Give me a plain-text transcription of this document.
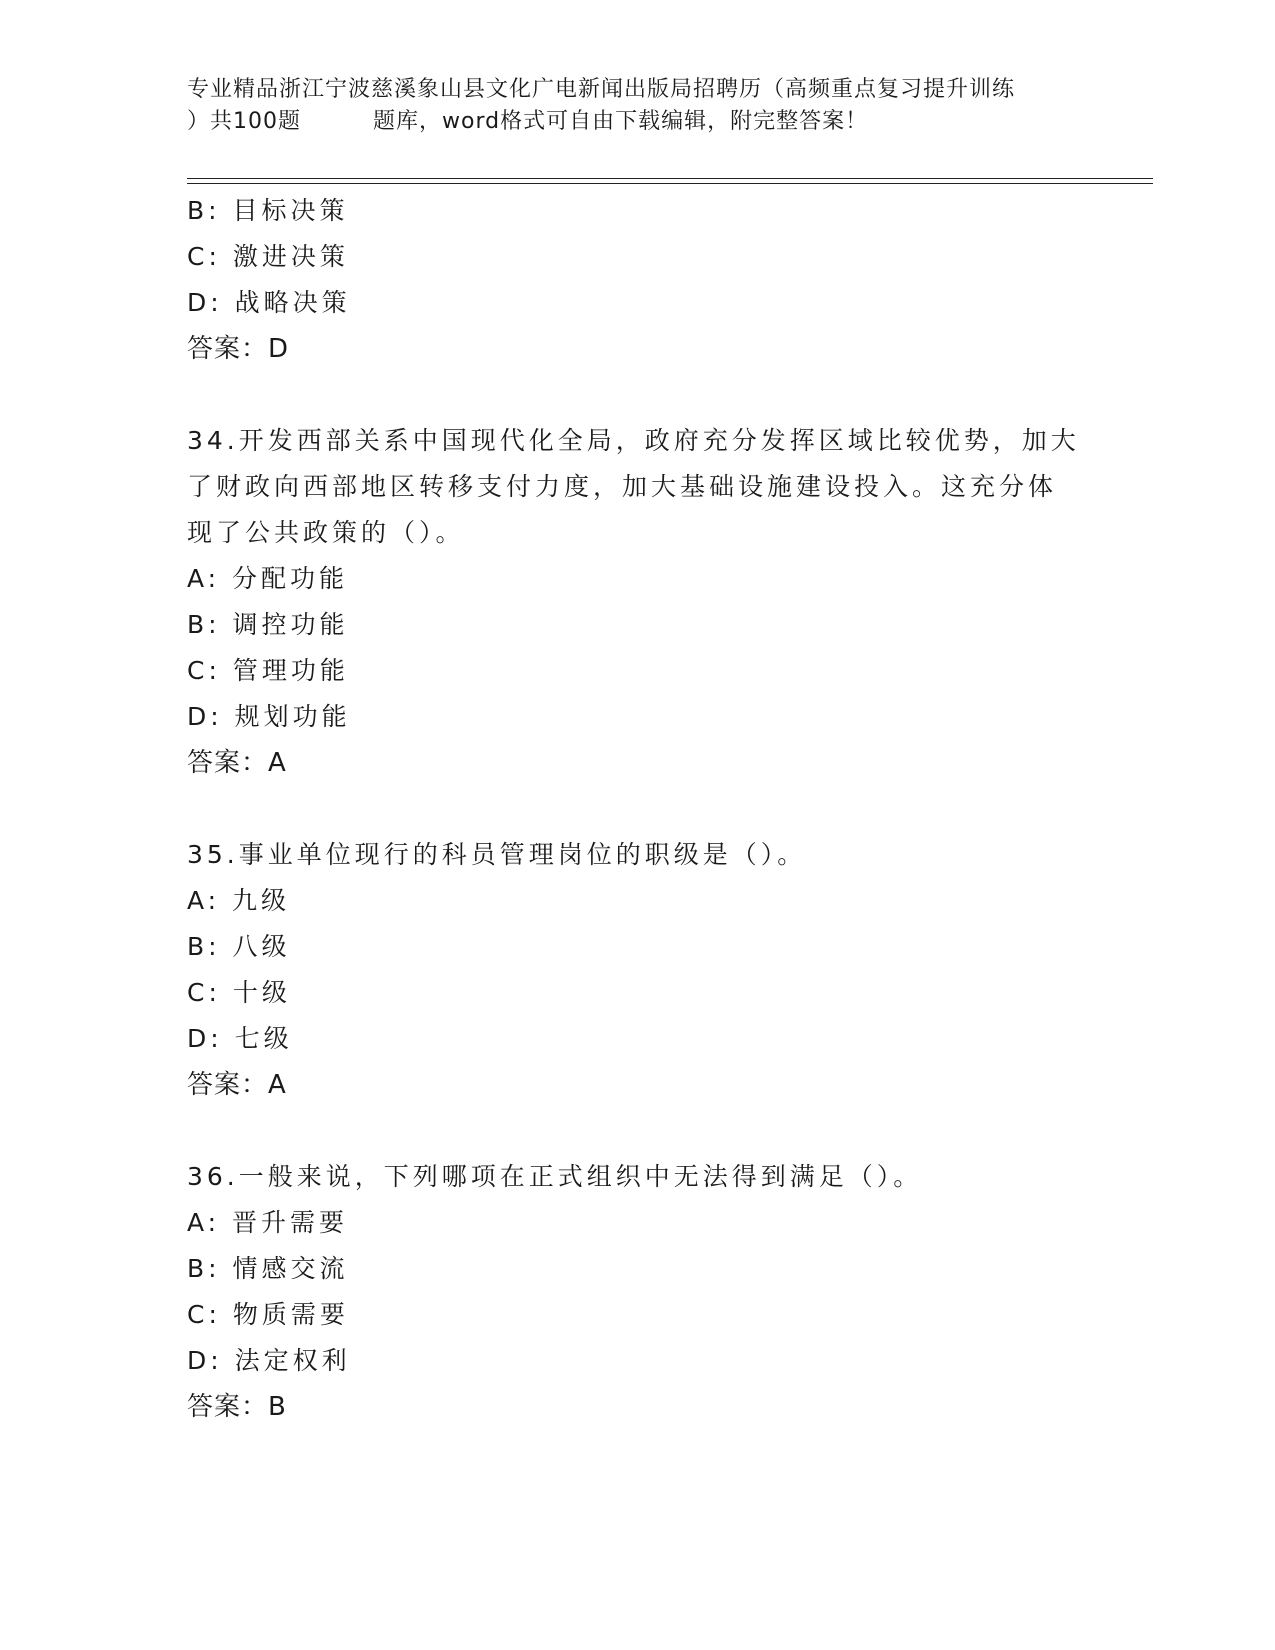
专业精品浙江宁波慈溪象山县文化广电新闻出版局招聘历（高频重点复习提升训练
）共100题	题库，word格式可自由下载编辑，附完整答案！
B: 目标决策
C: 激进决策
D: 战略决策
答案：D
34.开发西部关系中国现代化全局，政府充分发挥区域比较优势，加大
了财政向西部地区转移支付力度，加大基础设施建设投入。这充分体
现了公共政策的（）。
A: 分配功能
B: 调控功能
C: 管理功能
D: 规划功能
答案：A
35.事业单位现行的科员管理岗位的职级是（）。
A: 九级
B: 八级
C: 十级
D: 七级
答案：A
36.一般来说，下列哪项在正式组织中无法得到满足（）。
A: 晋升需要
B: 情感交流
C: 物质需要
D: 法定权利
答案：B
